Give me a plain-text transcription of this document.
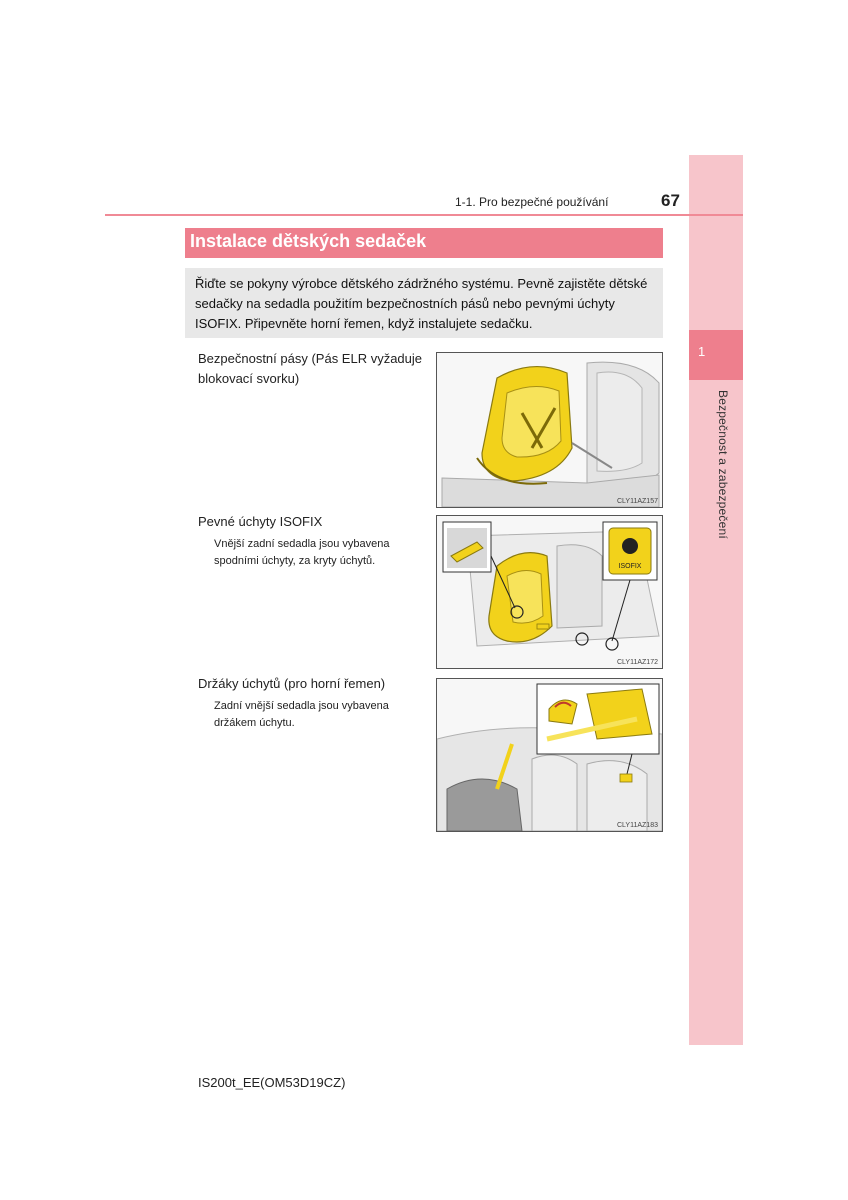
1
Bezpečnost a zabezpečení
1-1. Pro bezpečné používání	67
Instalace dětských sedaček
Řiďte se pokyny výrobce dětského zádržného systému. Pevně zajistěte dětské sedačky na sedadla použitím bezpečnostních pásů nebo pevnými úchyty ISOFIX. Připevněte horní řemen, když instalujete sedačku.
Bezpečnostní pásy (Pás ELR vyžaduje blokovací svorku)
CLY11AZ157
Pevné úchyty ISOFIX
Vnější zadní sedadla jsou vybavena spodními úchyty, za kryty úchytů.	ISOFIX
CLY11AZ172
Držáky úchytů (pro horní řemen)
Zadní vnější sedadla jsou vybavena držákem úchytu.
CLY11AZ183
IS200t_EE(OM53D19CZ)
